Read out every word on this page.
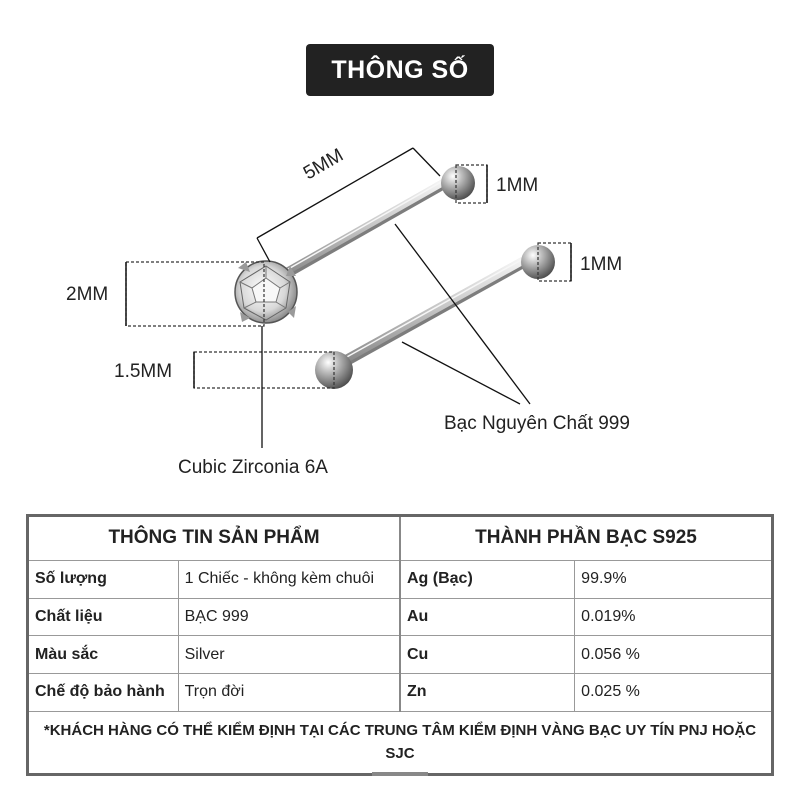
THÔNG SỐ
5MM
1MM
1MM
2MM
1.5MM
Bạc Nguyên Chất 999
Cubic Zirconia 6A
THÔNG TIN SẢN PHẨM		THÀNH PHẦN BẠC S925	
Số lượng	1 Chiếc - không kèm chuôi	Ag (Bạc)	99.9%
Chất liệu	BẠC 999	Au	0.019%
Màu sắc	Silver	Cu	0.056 %
Chế độ bảo hành	Trọn đời	Zn	0.025 %
*KHÁCH HÀNG CÓ THỂ KIỂM ĐỊNH TẠI CÁC TRUNG TÂM KIỂM ĐỊNH VÀNG BẠC UY TÍN PNJ HOẶC SJC			
